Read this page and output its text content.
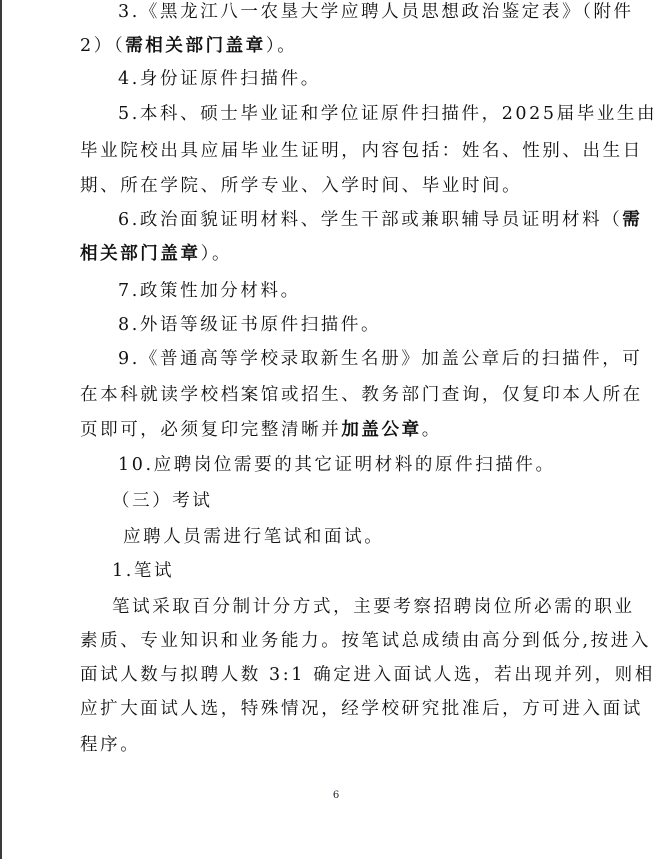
3.《黑龙江八一农垦大学应聘人员思想政治鉴定表》（附件
2）（需相关部门盖章）。
4.身份证原件扫描件。
5.本科、硕士毕业证和学位证原件扫描件，2025届毕业生由
毕业院校出具应届毕业生证明，内容包括：姓名、性别、出生日
期、所在学院、所学专业、入学时间、毕业时间。
6.政治面貌证明材料、学生干部或兼职辅导员证明材料（需
相关部门盖章）。
7.政策性加分材料。
8.外语等级证书原件扫描件。
9.《普通高等学校录取新生名册》加盖公章后的扫描件，可
在本科就读学校档案馆或招生、教务部门查询，仅复印本人所在
页即可，必须复印完整清晰并加盖公章。
10.应聘岗位需要的其它证明材料的原件扫描件。
（三）考试
应聘人员需进行笔试和面试。
1.笔试
笔试采取百分制计分方式，主要考察招聘岗位所必需的职业
素质、专业知识和业务能力。按笔试总成绩由高分到低分,按进入
面试人数与拟聘人数 3:1 确定进入面试人选，若出现并列，则相
应扩大面试人选，特殊情况，经学校研究批准后，方可进入面试
程序。
6
